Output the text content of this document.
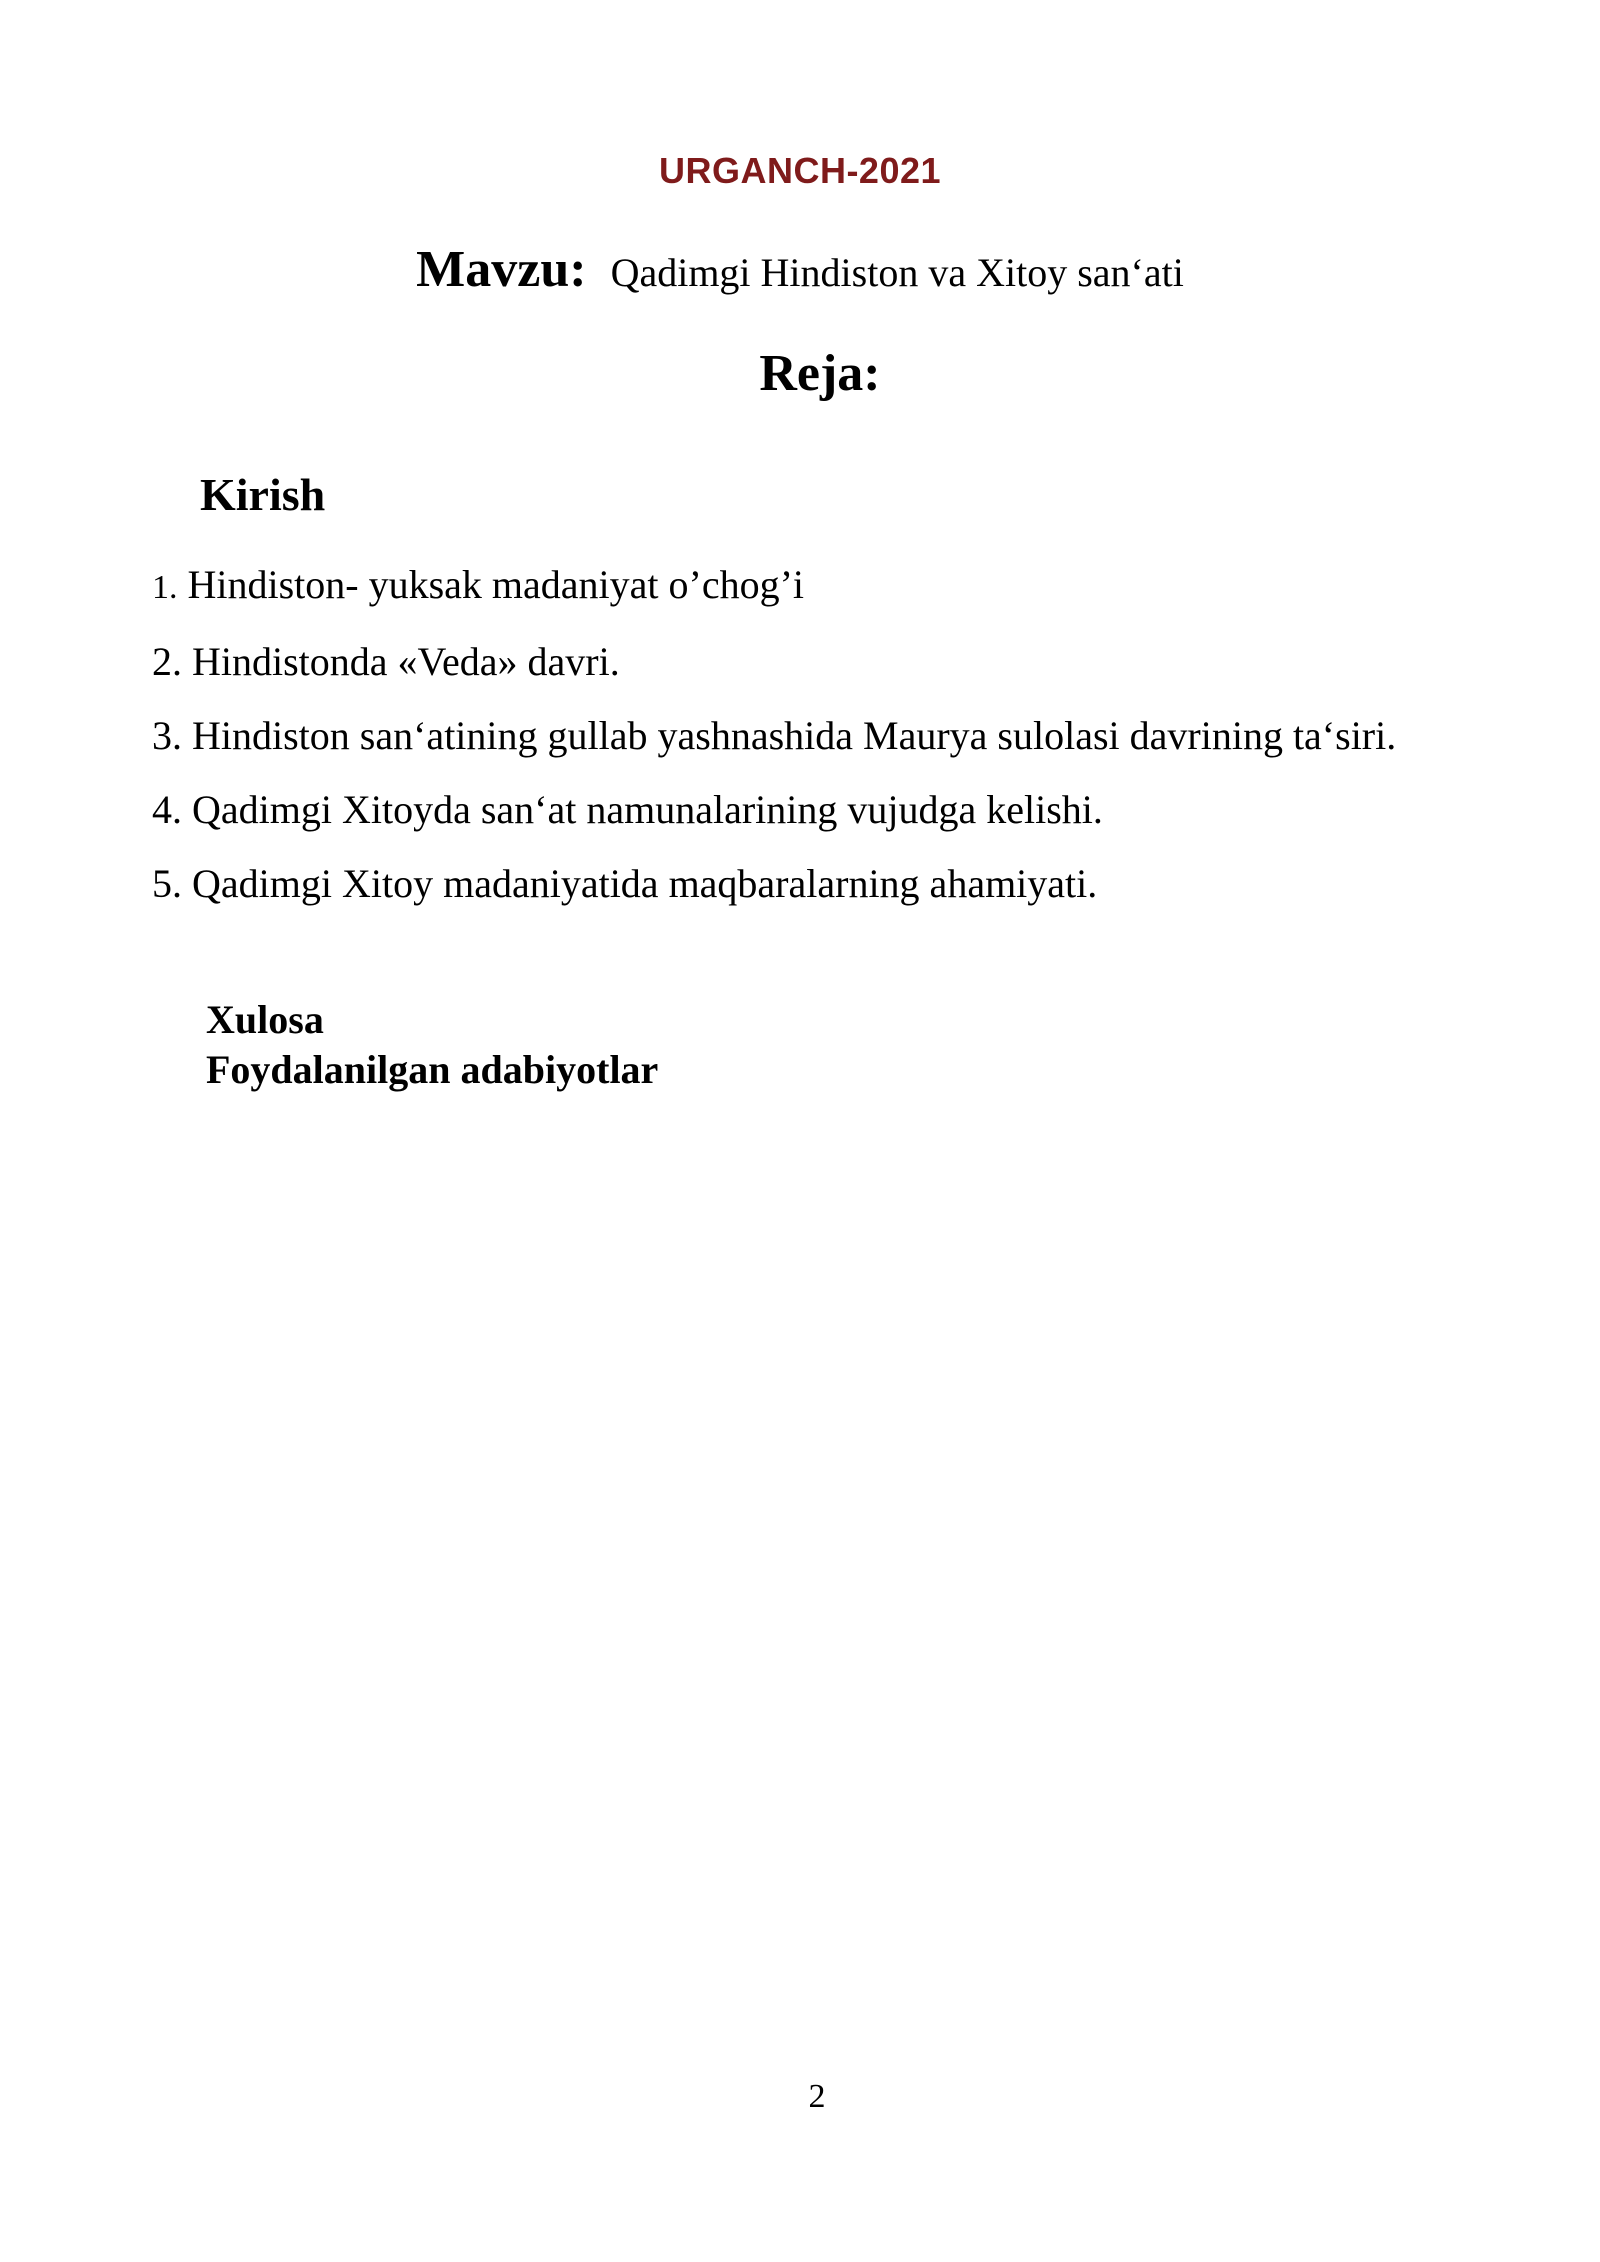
URGANCH-2021
Mavzu: Qadimgi Hindiston va Xitoy san‘ati
Reja:
Kirish
1. Hindiston- yuksak madaniyat o’chog’i
2. Hindistonda «Veda» davri.
3. Hindiston san‘atining gullab yashnashida Maurya sulolasi davrining ta‘siri.
4. Qadimgi Xitoyda san‘at namunalarining vujudga kelishi.
5. Qadimgi Xitoy madaniyatida maqbaralarning ahamiyati.
Xulosa
Foydalanilgan adabiyotlar
2
